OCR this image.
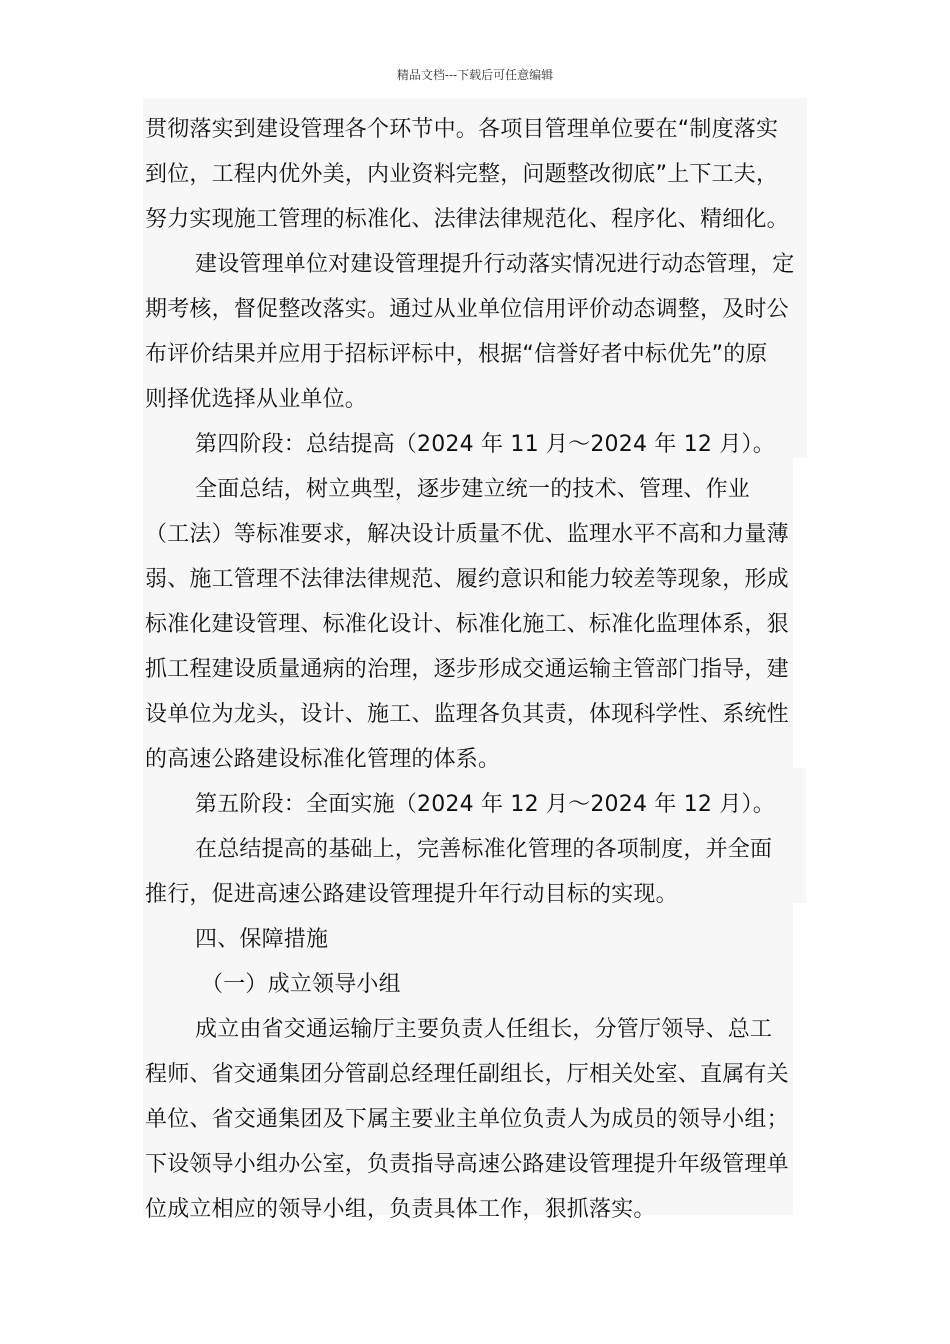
精品文档---下载后可任意编辑
贯彻落实到建设管理各个环节中。各项目管理单位要在“制度落实
到位，工程内优外美，内业资料完整，问题整改彻底”上下工夫，
努力实现施工管理的标准化、法律法律规范化、程序化、精细化。
建设管理单位对建设管理提升行动落实情况进行动态管理，定
期考核，督促整改落实。通过从业单位信用评价动态调整，及时公
布评价结果并应用于招标评标中，根据“信誉好者中标优先”的原
则择优选择从业单位。
第四阶段：总结提高（2024 年 11 月～2024 年 12 月）。
全面总结，树立典型，逐步建立统一的技术、管理、作业
（工法）等标准要求，解决设计质量不优、监理水平不高和力量薄
弱、施工管理不法律法律规范、履约意识和能力较差等现象，形成
标准化建设管理、标准化设计、标准化施工、标准化监理体系，狠
抓工程建设质量通病的治理，逐步形成交通运输主管部门指导，建
设单位为龙头，设计、施工、监理各负其责，体现科学性、系统性
的高速公路建设标准化管理的体系。
第五阶段：全面实施（2024 年 12 月～2024 年 12 月）。
在总结提高的基础上，完善标准化管理的各项制度，并全面
推行，促进高速公路建设管理提升年行动目标的实现。
四、保障措施
（一）成立领导小组
成立由省交通运输厅主要负责人任组长，分管厅领导、总工
程师、省交通集团分管副总经理任副组长，厅相关处室、直属有关
单位、省交通集团及下属主要业主单位负责人为成员的领导小组；
下设领导小组办公室，负责指导高速公路建设管理提升年级管理单
位成立相应的领导小组，负责具体工作，狠抓落实。
